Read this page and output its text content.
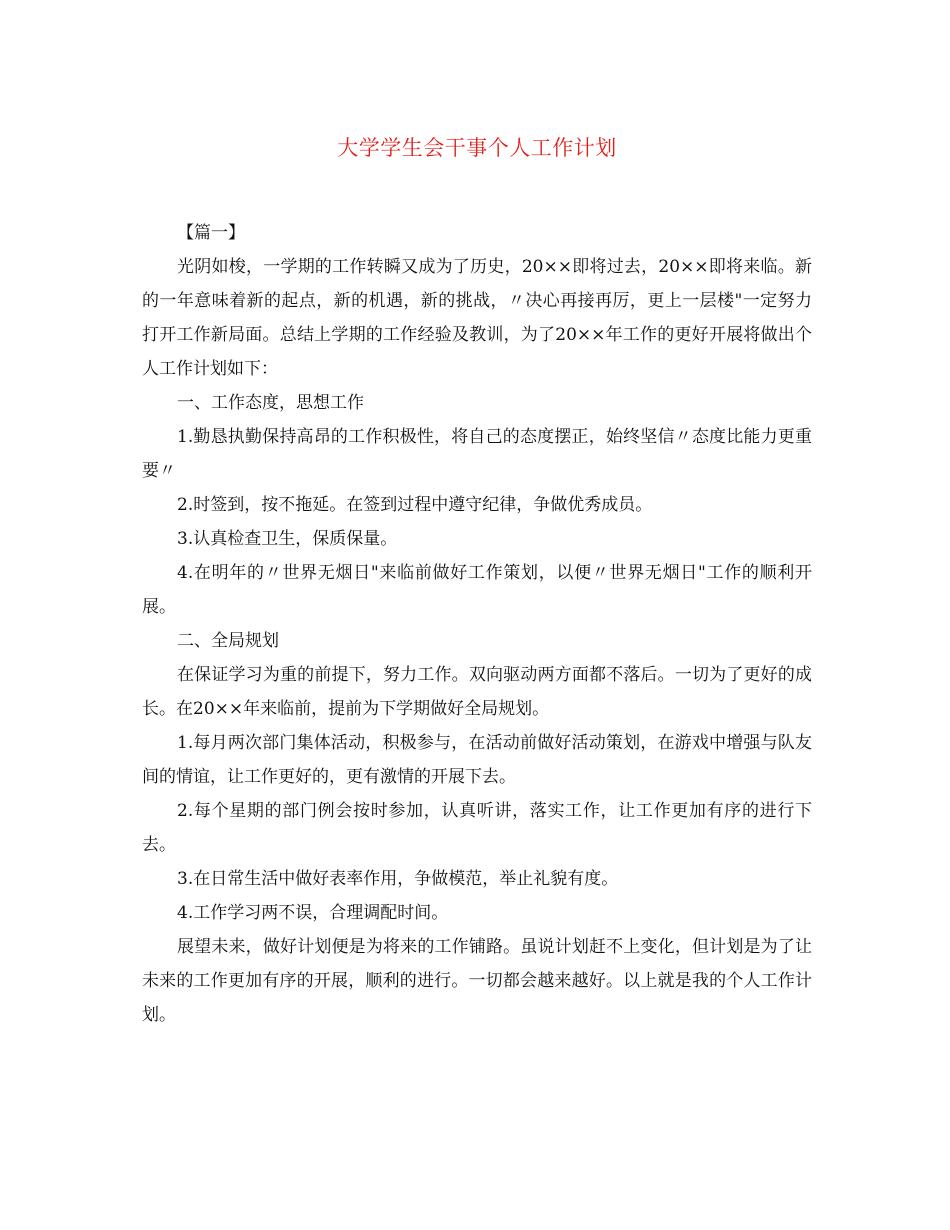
大学学生会干事个人工作计划

【篇一】

光阴如梭，一学期的工作转瞬又成为了历史，20××即将过去，20××即将来临。新的一年意味着新的起点，新的机遇，新的挑战，〃决心再接再厉，更上一层楼"一定努力打开工作新局面。总结上学期的工作经验及教训，为了20××年工作的更好开展将做出个人工作计划如下：

一、工作态度，思想工作

1.勤恳执勤保持高昂的工作积极性，将自己的态度摆正，始终坚信〃态度比能力更重要〃

2.时签到，按不拖延。在签到过程中遵守纪律，争做优秀成员。

3.认真检查卫生，保质保量。

4.在明年的〃世界无烟日"来临前做好工作策划，以便〃世界无烟日"工作的顺利开展。

二、全局规划

在保证学习为重的前提下，努力工作。双向驱动两方面都不落后。一切为了更好的成长。在20××年来临前，提前为下学期做好全局规划。

1.每月两次部门集体活动，积极参与，在活动前做好活动策划，在游戏中增强与队友间的情谊，让工作更好的，更有激情的开展下去。

2.每个星期的部门例会按时参加，认真听讲，落实工作，让工作更加有序的进行下去。

3.在日常生活中做好表率作用，争做模范，举止礼貌有度。

4.工作学习两不误，合理调配时间。

展望未来，做好计划便是为将来的工作铺路。虽说计划赶不上变化，但计划是为了让未来的工作更加有序的开展，顺利的进行。一切都会越来越好。以上就是我的个人工作计划。
